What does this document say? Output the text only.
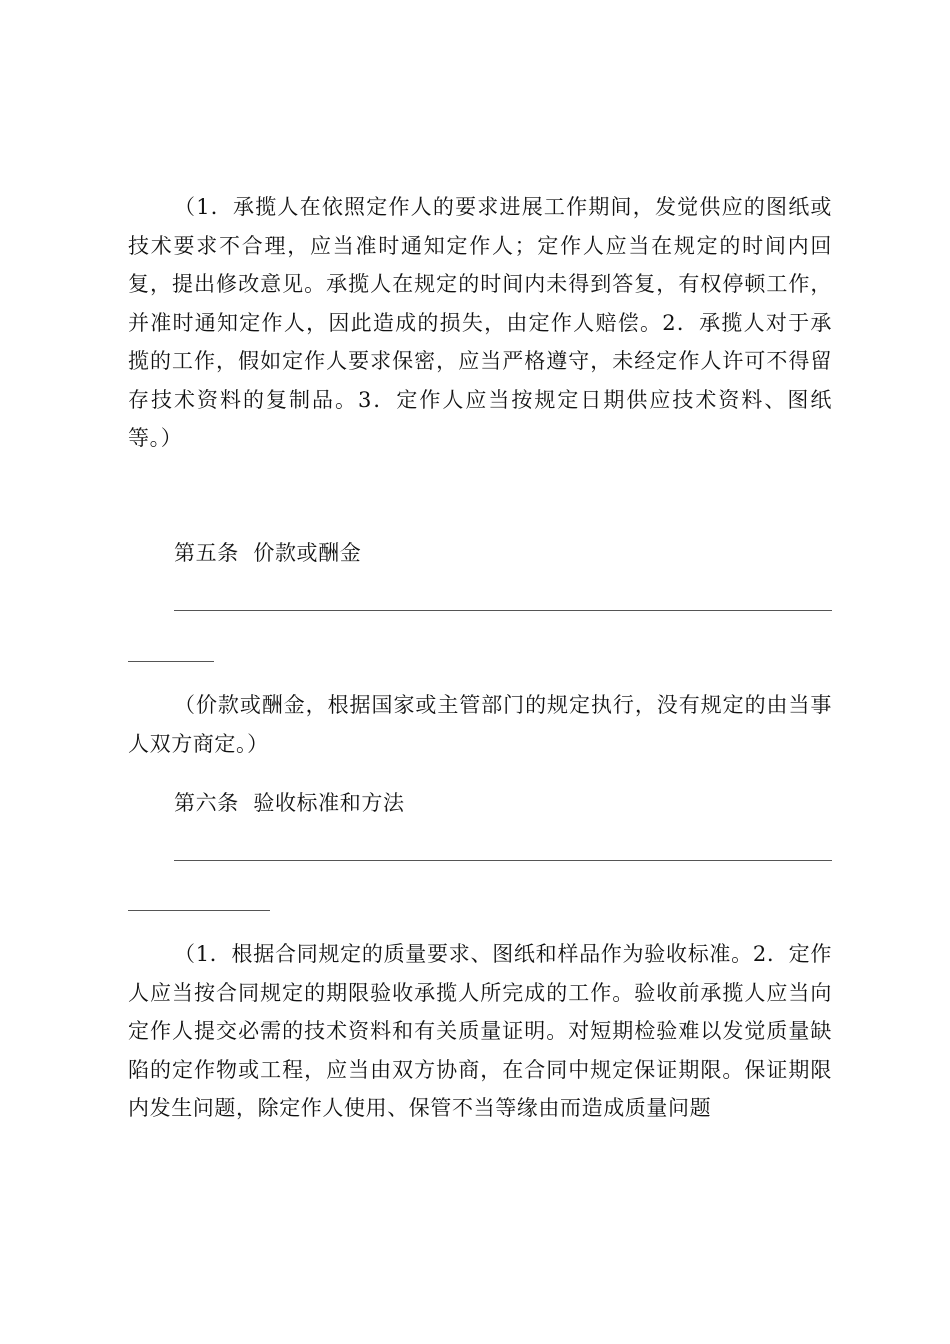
（1．承揽人在依照定作人的要求进展工作期间，发觉供应的图纸或技术要求不合理，应当准时通知定作人；定作人应当在规定的时间内回复，提出修改意见。承揽人在规定的时间内未得到答复，有权停顿工作，并准时通知定作人，因此造成的损失，由定作人赔偿。2．承揽人对于承揽的工作，假如定作人要求保密，应当严格遵守，未经定作人许可不得留存技术资料的复制品。3．定作人应当按规定日期供应技术资料、图纸等。）

第五条  价款或酬金

（价款或酬金，根据国家或主管部门的规定执行，没有规定的由当事人双方商定。）

第六条  验收标准和方法

（1．根据合同规定的质量要求、图纸和样品作为验收标准。2．定作人应当按合同规定的期限验收承揽人所完成的工作。验收前承揽人应当向定作人提交必需的技术资料和有关质量证明。对短期检验难以发觉质量缺陷的定作物或工程，应当由双方协商，在合同中规定保证期限。保证期限内发生问题，除定作人使用、保管不当等缘由而造成质量问题
